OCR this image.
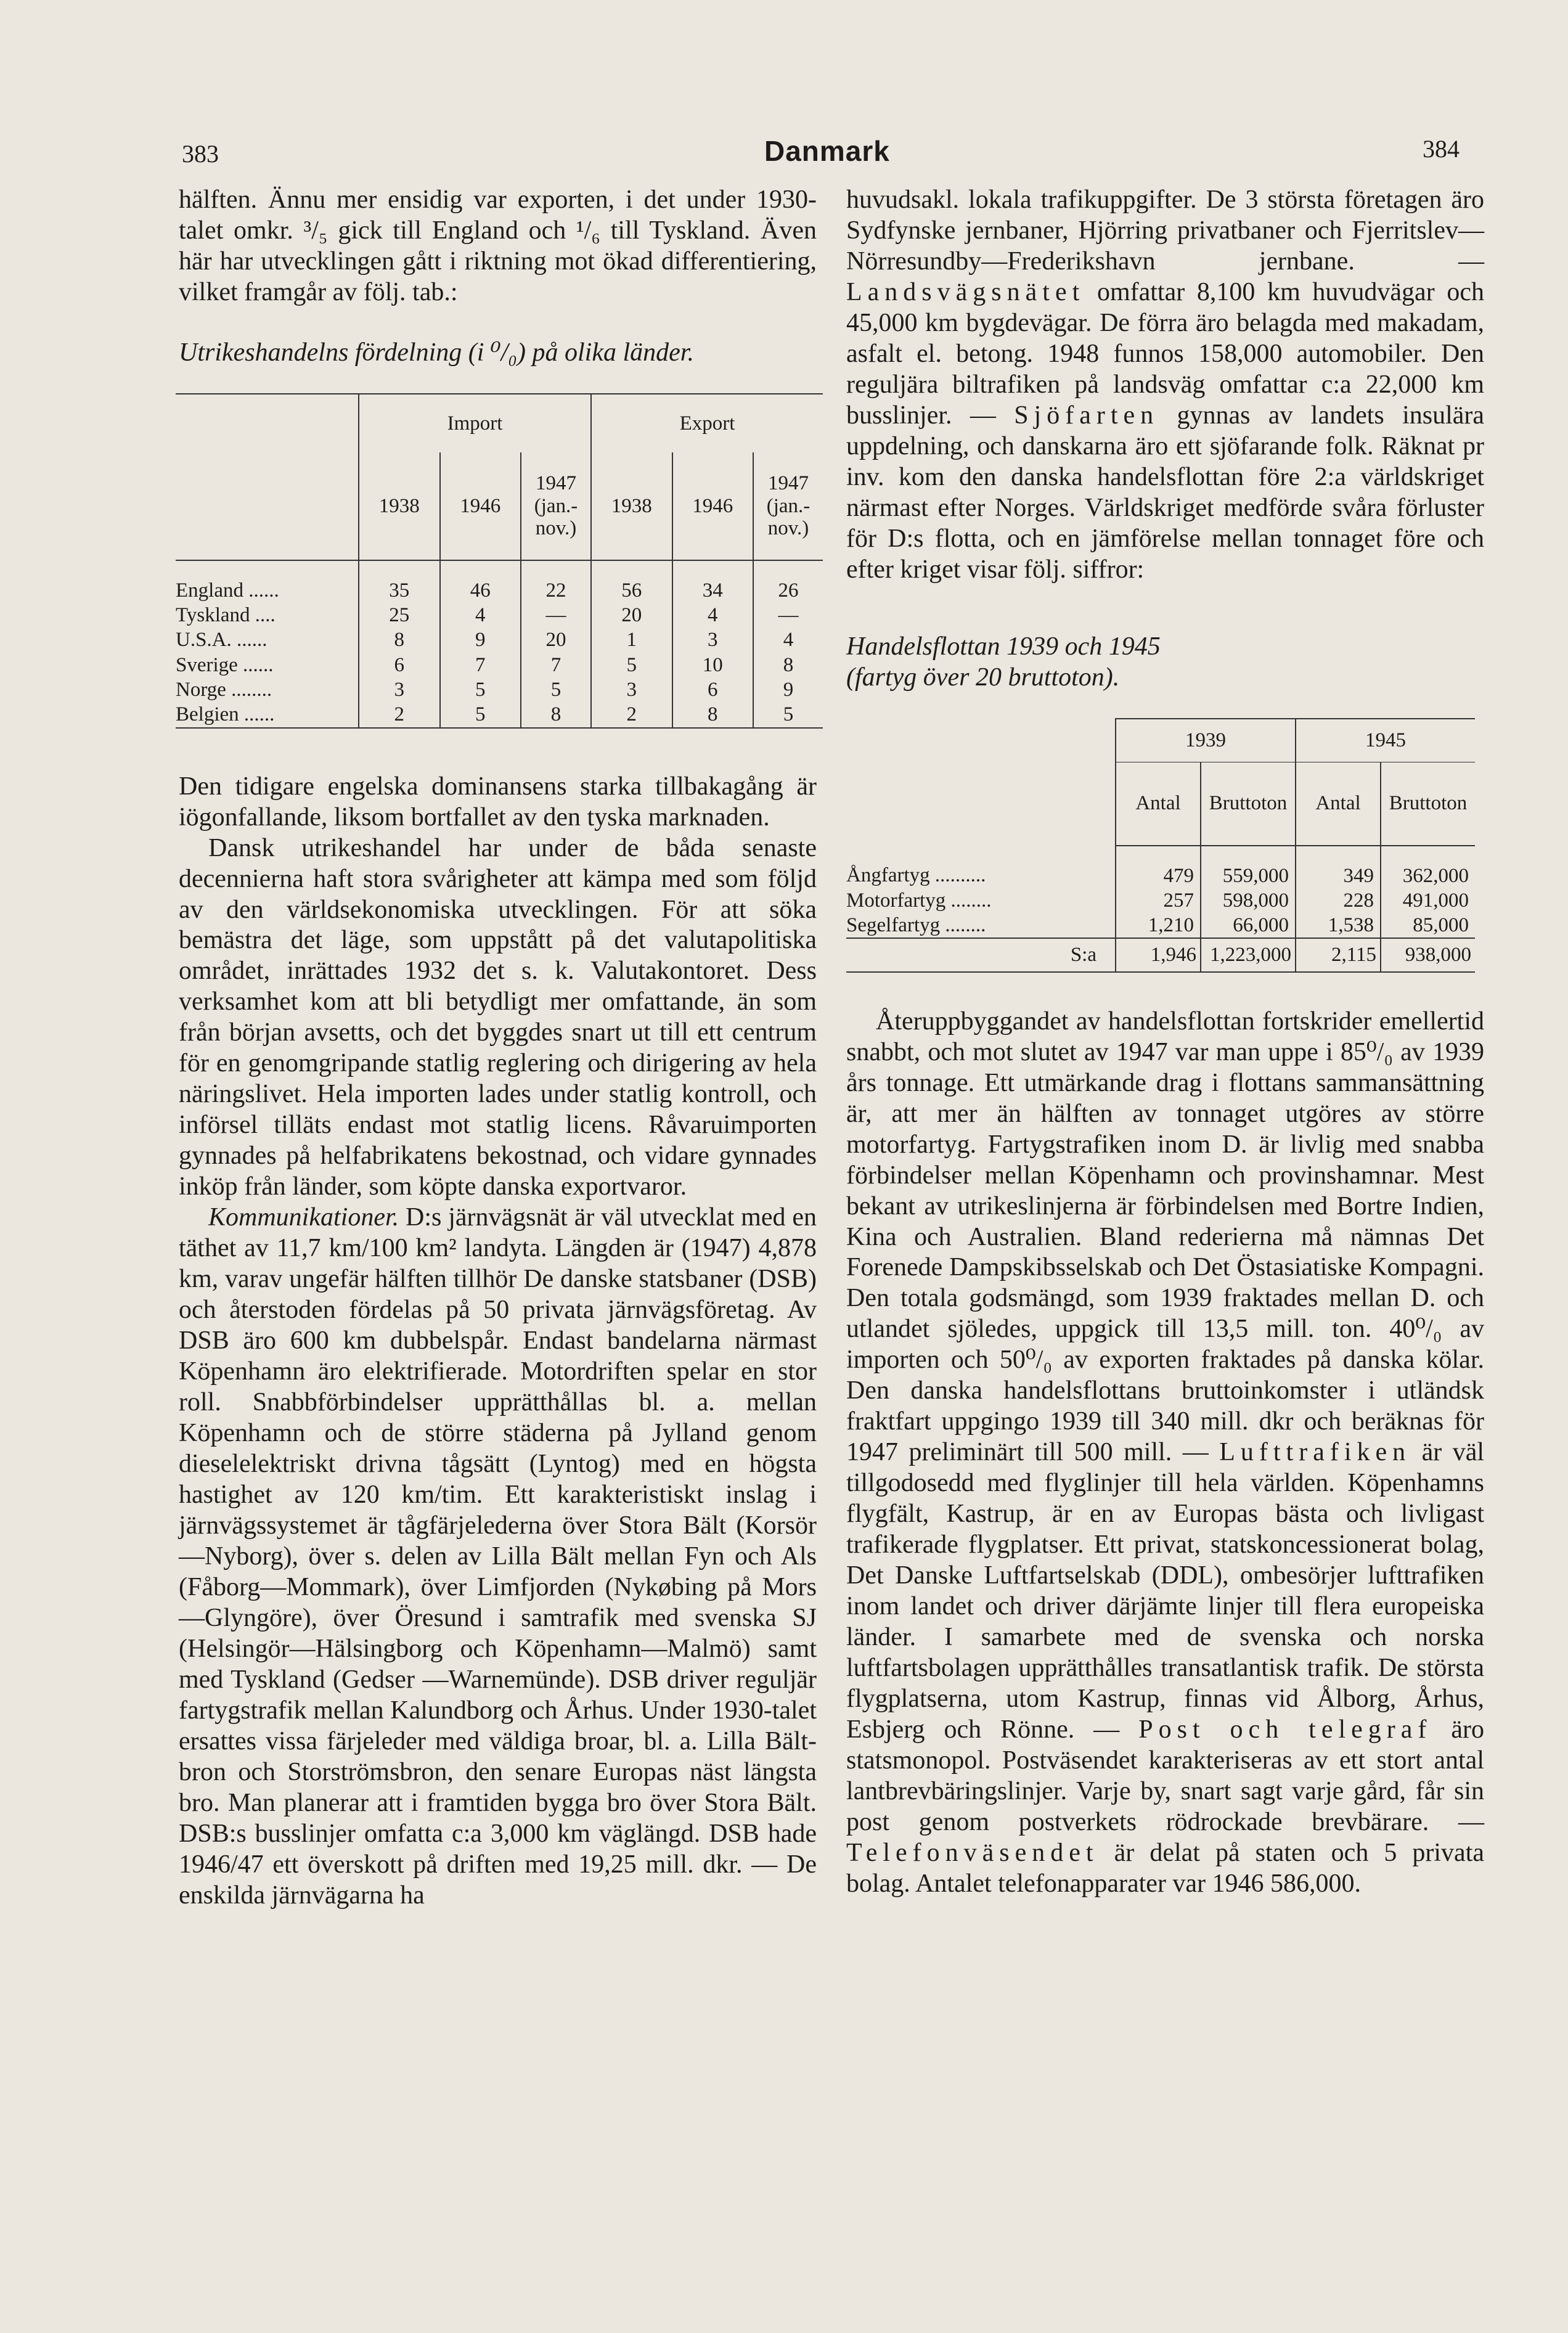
383	Danmark	384

hälften. Ännu mer ensidig var exporten, i det under 1930-talet omkr. ³/₅ gick till England och ¹/₆ till Tyskland. Även här har utvecklingen gått i riktning mot ökad differentiering, vilket framgår av följ. tab.:

Utrikeshandelns fördelning (i ⁰/₀) på olika länder.

	Import			Export		
	1938	1946	1947 (jan.-nov.)	1938	1946	1947 (jan.-nov.)
England ......	35	46	22	56	34	26
Tyskland ....	25	4	—	20	4	—
U.S.A. ......	8	9	20	1	3	4
Sverige ......	6	7	7	5	10	8
Norge ........	3	5	5	3	6	9
Belgien ......	2	5	8	2	8	5

Den tidigare engelska dominansens starka tillbakagång är iögonfallande, liksom bortfallet av den tyska marknaden.

Dansk utrikeshandel har under de båda senaste decennierna haft stora svårigheter att kämpa med som följd av den världsekonomiska utvecklingen. För att söka bemästra det läge, som uppstått på det valutapolitiska området, inrättades 1932 det s. k. Valutakontoret. Dess verksamhet kom att bli betydligt mer omfattande, än som från början avsetts, och det byggdes snart ut till ett centrum för en genomgripande statlig reglering och dirigering av hela näringslivet. Hela importen lades under statlig kontroll, och införsel tilläts endast mot statlig licens. Råvaruimporten gynnades på helfabrikatens bekostnad, och vidare gynnades inköp från länder, som köpte danska exportvaror.

Kommunikationer. D:s järnvägsnät är väl utvecklat med en täthet av 11,7 km/100 km² landyta. Längden är (1947) 4,878 km, varav ungefär hälften tillhör De danske statsbaner (DSB) och återstoden fördelas på 50 privata järnvägsföretag. Av DSB äro 600 km dubbelspår. Endast bandelarna närmast Köpenhamn äro elektrifierade. Motordriften spelar en stor roll. Snabbförbindelser upprätthållas bl. a. mellan Köpenhamn och de större städerna på Jylland genom dieselelektriskt drivna tågsätt (Lyntog) med en högsta hastighet av 120 km/tim. Ett karakteristiskt inslag i järnvägssystemet är tågfärjelederna över Stora Bält (Korsör—Nyborg), över s. delen av Lilla Bält mellan Fyn och Als (Fåborg—Mommark), över Limfjorden (Nykøbing på Mors —Glyngöre), över Öresund i samtrafik med svenska SJ (Helsingör—Hälsingborg och Köpenhamn—Malmö) samt med Tyskland (Gedser —Warnemünde). DSB driver reguljär fartygstrafik mellan Kalundborg och Århus. Under 1930-talet ersattes vissa färjeleder med väldiga broar, bl. a. Lilla Bält-bron och Storströmsbron, den senare Europas näst längsta bro. Man planerar att i framtiden bygga bro över Stora Bält. DSB:s busslinjer omfatta c:a 3,000 km väglängd. DSB hade 1946/47 ett överskott på driften med 19,25 mill. dkr. — De enskilda järnvägarna ha

huvudsakl. lokala trafikuppgifter. De 3 största företagen äro Sydfynske jernbaner, Hjörring privatbaner och Fjerritslev—Nörresundby—Frederikshavn jernbane. — Landsvägsnätet omfattar 8,100 km huvudvägar och 45,000 km bygdevägar. De förra äro belagda med makadam, asfalt el. betong. 1948 funnos 158,000 automobiler. Den reguljära biltrafiken på landsväg omfattar c:a 22,000 km busslinjer. — Sjöfarten gynnas av landets insulära uppdelning, och danskarna äro ett sjöfarande folk. Räknat pr inv. kom den danska handelsflottan före 2:a världskriget närmast efter Norges. Världskriget medförde svåra förluster för D:s flotta, och en jämförelse mellan tonnaget före och efter kriget visar följ. siffror:

Handelsflottan 1939 och 1945

(fartyg över 20 bruttoton).

	1939		1945	
	Antal	Bruttoton	Antal	Bruttoton
Ångfartyg ..........	479	559,000	349	362,000
Motorfartyg ........	257	598,000	228	491,000
Segelfartyg ........	1,210	66,000	1,538	85,000
S:a	1,946	1,223,000	2,115	938,000

Återuppbyggandet av handelsflottan fortskrider emellertid snabbt, och mot slutet av 1947 var man uppe i 85⁰/₀ av 1939 års tonnage. Ett utmärkande drag i flottans sammansättning är, att mer än hälften av tonnaget utgöres av större motorfartyg. Fartygstrafiken inom D. är livlig med snabba förbindelser mellan Köpenhamn och provinshamnar. Mest bekant av utrikeslinjerna är förbindelsen med Bortre Indien, Kina och Australien. Bland rederierna må nämnas Det Forenede Dampskibsselskab och Det Östasiatiske Kompagni. Den totala godsmängd, som 1939 fraktades mellan D. och utlandet sjöledes, uppgick till 13,5 mill. ton. 40⁰/₀ av importen och 50⁰/₀ av exporten fraktades på danska kölar. Den danska handelsflottans bruttoinkomster i utländsk fraktfart uppgingo 1939 till 340 mill. dkr och beräknas för 1947 preliminärt till 500 mill. — Lufttrafiken är väl tillgodosedd med flyglinjer till hela världen. Köpenhamns flygfält, Kastrup, är en av Europas bästa och livligast trafikerade flygplatser. Ett privat, statskoncessionerat bolag, Det Danske Luftfartselskab (DDL), ombesörjer lufttrafiken inom landet och driver därjämte linjer till flera europeiska länder. I samarbete med de svenska och norska luftfartsbolagen upprätthålles transatlantisk trafik. De största flygplatserna, utom Kastrup, finnas vid Ålborg, Århus, Esbjerg och Rönne. — Post och telegraf äro statsmonopol. Postväsendet karakteriseras av ett stort antal lantbrevbäringslinjer. Varje by, snart sagt varje gård, får sin post genom postverkets rödrockade brevbärare. — Telefonväsendet är delat på staten och 5 privata bolag. Antalet telefonapparater var 1946 586,000.
